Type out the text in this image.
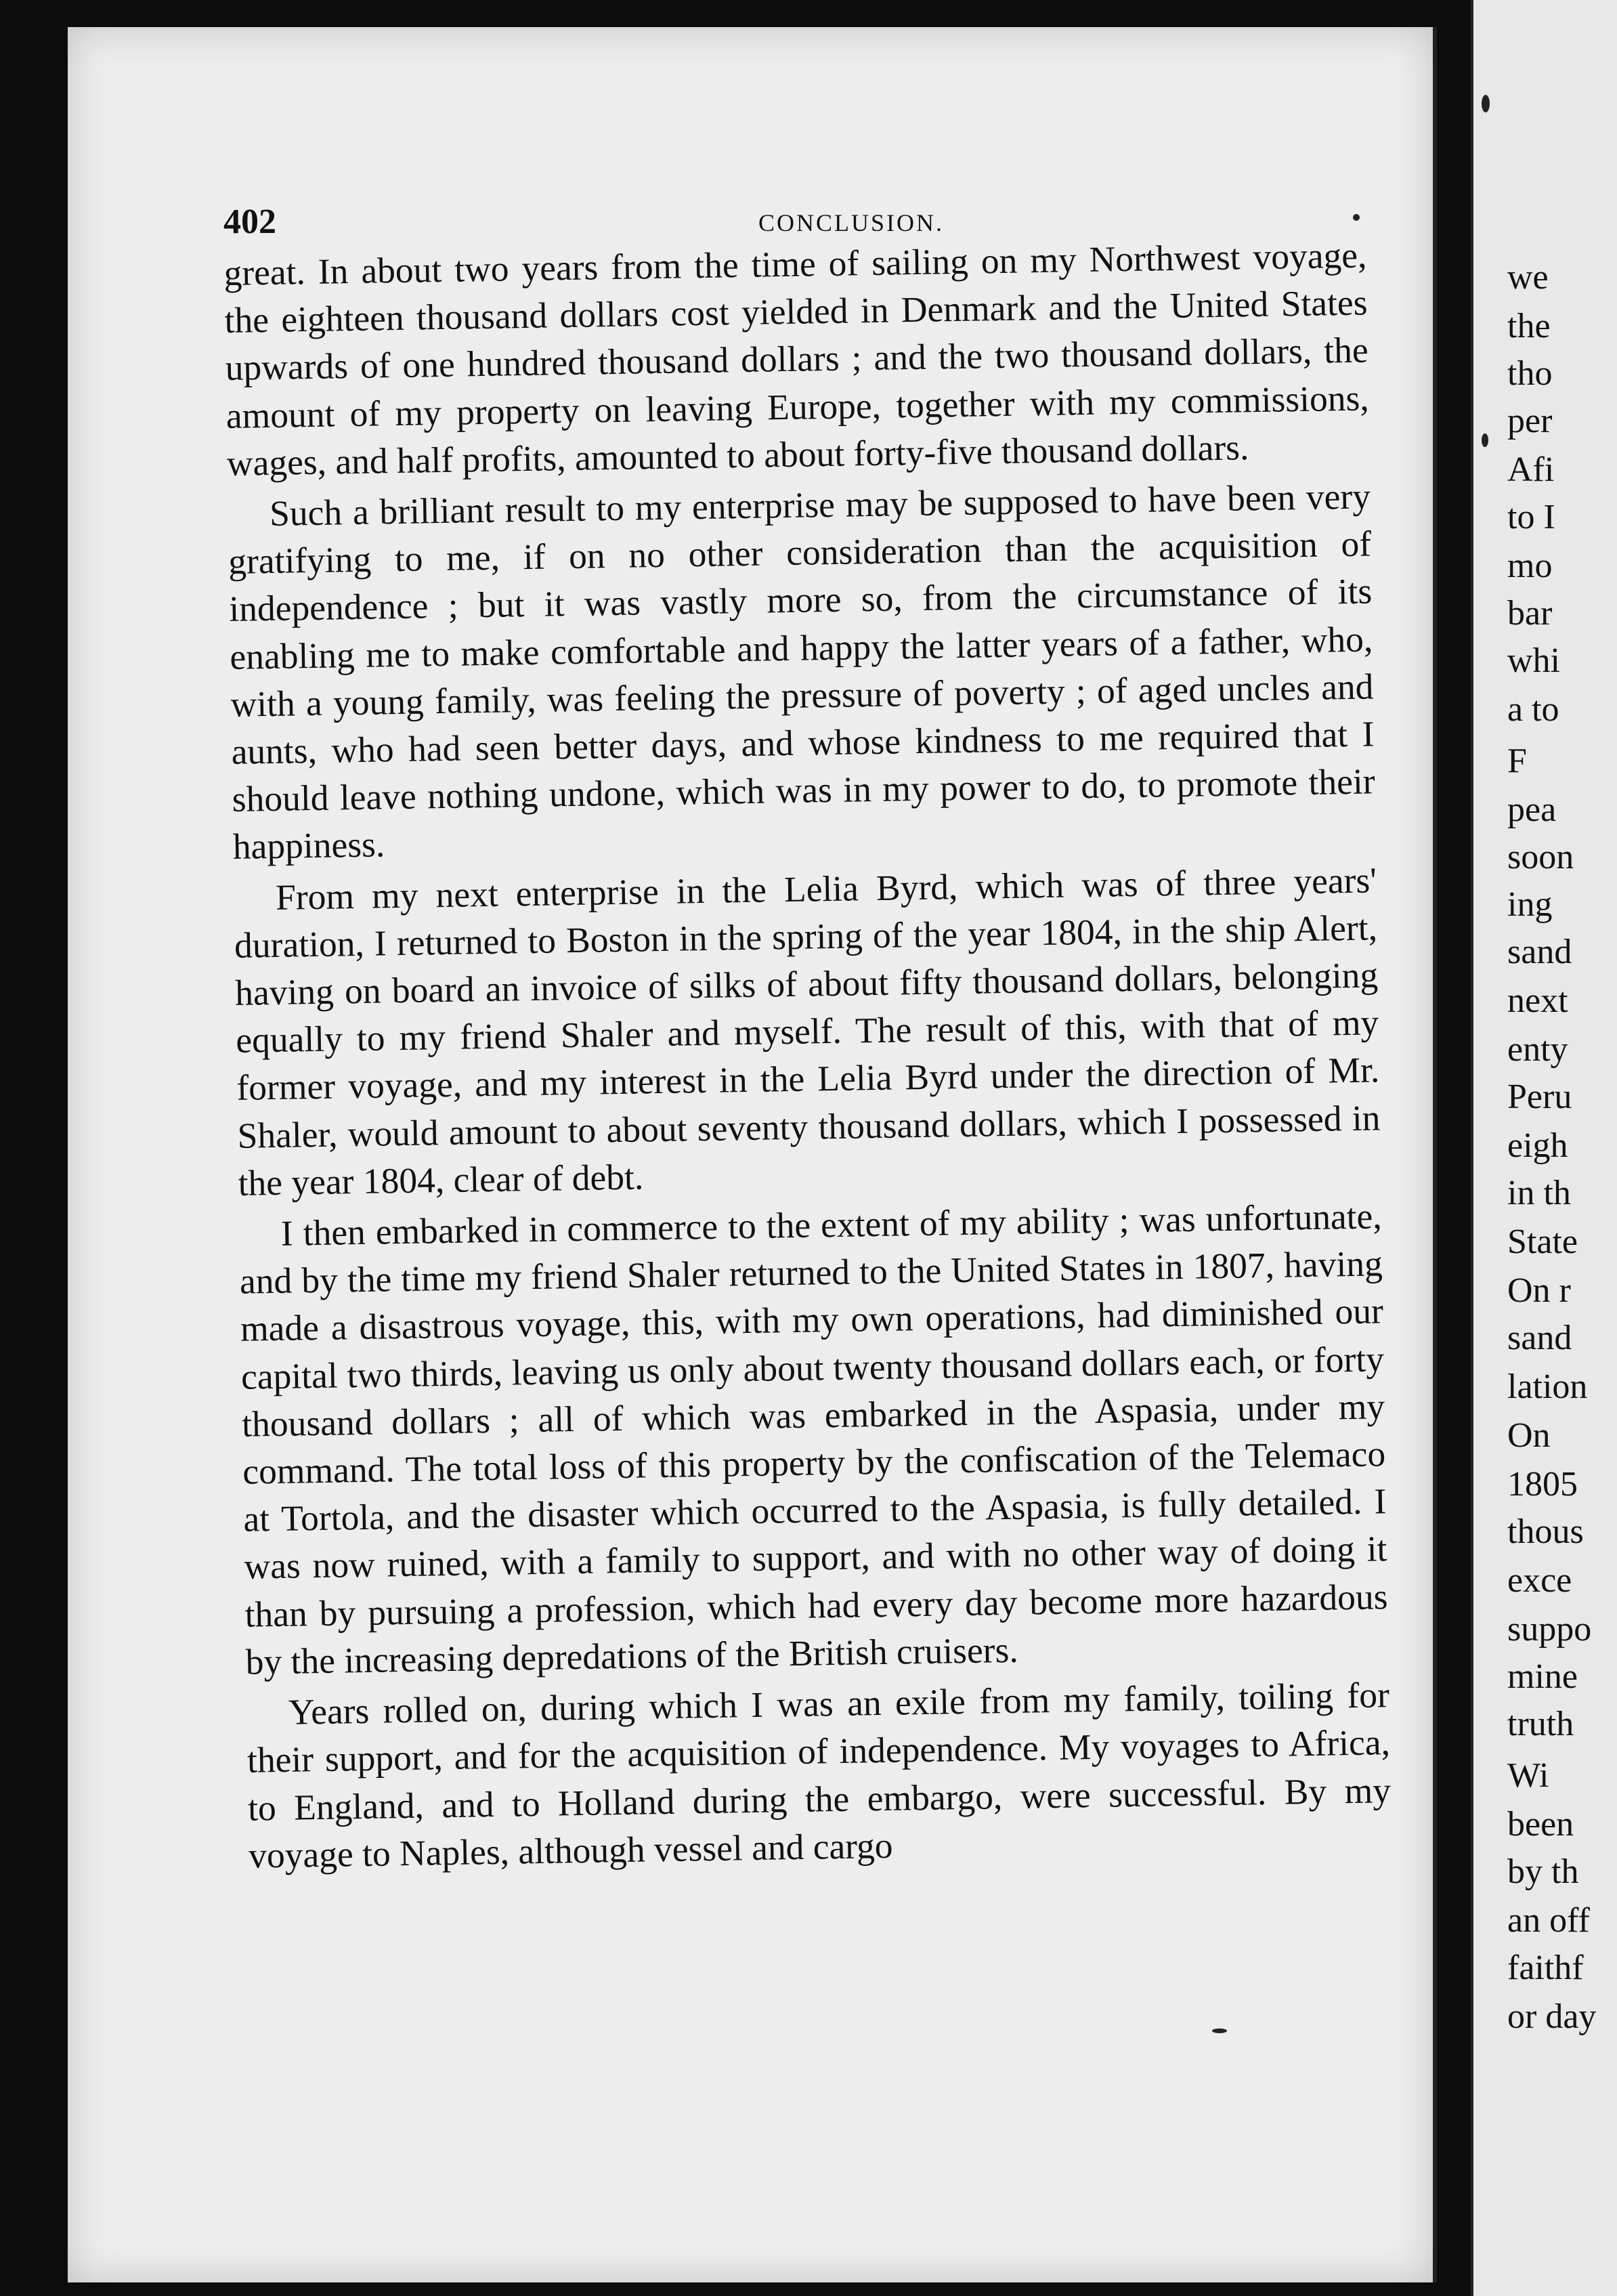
402	CONCLUSION.

great. In about two years from the time of sailing on my Northwest voyage, the eighteen thousand dollars cost yielded in Denmark and the United States upwards of one hundred thousand dollars ; and the two thousand dollars, the amount of my property on leaving Europe, together with my commissions, wages, and half profits, amounted to about forty-five thousand dollars.

Such a brilliant result to my enterprise may be supposed to have been very gratifying to me, if on no other consideration than the acquisition of independence ; but it was vastly more so, from the circumstance of its enabling me to make comfortable and happy the latter years of a father, who, with a young family, was feeling the pressure of poverty ; of aged uncles and aunts, who had seen better days, and whose kindness to me required that I should leave nothing undone, which was in my power to do, to promote their happiness.

From my next enterprise in the Lelia Byrd, which was of three years' duration, I returned to Boston in the spring of the year 1804, in the ship Alert, having on board an invoice of silks of about fifty thousand dollars, belonging equally to my friend Shaler and myself. The result of this, with that of my former voyage, and my interest in the Lelia Byrd under the direction of Mr. Shaler, would amount to about seventy thousand dollars, which I possessed in the year 1804, clear of debt.

I then embarked in commerce to the extent of my ability ; was unfortunate, and by the time my friend Shaler returned to the United States in 1807, having made a disastrous voyage, this, with my own operations, had diminished our capital two thirds, leaving us only about twenty thousand dollars each, or forty thousand dollars ; all of which was embarked in the Aspasia, under my command. The total loss of this property by the confiscation of the Telemaco at Tortola, and the disaster which occurred to the Aspasia, is fully detailed. I was now ruined, with a family to support, and with no other way of doing it than by pursuing a profession, which had every day become more hazardous by the increasing depredations of the British cruisers.

Years rolled on, during which I was an exile from my family, toiling for their support, and for the acquisition of independence. My voyages to Africa, to England, and to Holland during the embargo, were successful. By my voyage to Naples, although vessel and cargo

we
the
tho
per
Afi
to I
mo
bar
whi
a to
F
pea
soon
ing
sand
next
enty
Peru
eigh
in th
State
On r
sand
lation
On
1805
thous
exce
suppo
mine
truth
Wi
been
by th
an off
faithf
or day
